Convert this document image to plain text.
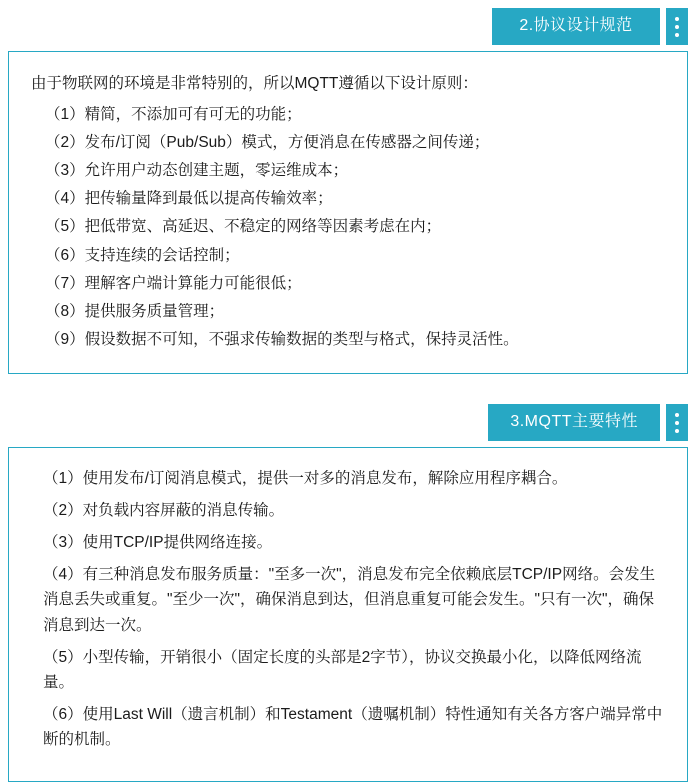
2.协议设计规范

由于物联网的环境是非常特别的，所以MQTT遵循以下设计原则：

（1）精简，不添加可有可无的功能；
（2）发布/订阅（Pub/Sub）模式，方便消息在传感器之间传递；
（3）允许用户动态创建主题，零运维成本；
（4）把传输量降到最低以提高传输效率；
（5）把低带宽、高延迟、不稳定的网络等因素考虑在内；
（6）支持连续的会话控制；
（7）理解客户端计算能力可能很低；
（8）提供服务质量管理；
（9）假设数据不可知，不强求传输数据的类型与格式，保持灵活性。
3.MQTT主要特性
（1）使用发布/订阅消息模式，提供一对多的消息发布，解除应用程序耦合。
（2）对负载内容屏蔽的消息传输。
（3）使用TCP/IP提供网络连接。
（4）有三种消息发布服务质量："至多一次"，消息发布完全依赖底层TCP/IP网络。会发生消息丢失或重复。"至少一次"，确保消息到达，但消息重复可能会发生。"只有一次"，确保消息到达一次。
（5）小型传输，开销很小（固定长度的头部是2字节），协议交换最小化，以降低网络流量。
（6）使用Last Will（遗言机制）和Testament（遗嘱机制）特性通知有关各方客户端异常中断的机制。
